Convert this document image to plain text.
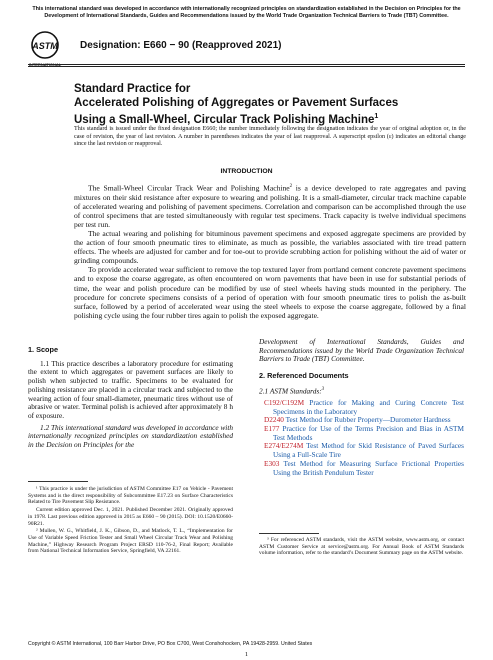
This international standard was developed in accordance with internationally recognized principles on standardization established in the Decision on Principles for the Development of International Standards, Guides and Recommendations issued by the World Trade Organization Technical Barriers to Trade (TBT) Committee.
ASTM Designation: E660 − 90 (Reapproved 2021)
Standard Practice for
Accelerated Polishing of Aggregates or Pavement Surfaces
Using a Small-Wheel, Circular Track Polishing Machine$^1$
This standard is issued under the fixed designation E660; the number immediately following the designation indicates the year of original adoption or, in the case of revision, the year of last revision. A number in parentheses indicates the year of last reapproval. A superscript epsilon (ε) indicates an editorial change since the last revision or reapproval.
INTRODUCTION

The Small-Wheel Circular Track Wear and Polishing Machine$^2$ is a device developed to rate aggregates and paving mixtures on their skid resistance after exposure to wearing and polishing. It is a small-diameter, circular track machine capable of accelerated wearing and polishing of pavement specimens. Correlation and comparison can be accomplished through the use of control specimens that are tested simultaneously with regular test specimens. Track capacity is twelve individual specimens per test run.

The actual wearing and polishing for bituminous pavement specimens and exposed aggregate specimens are provided by the action of four smooth pneumatic tires to eliminate, as much as possible, the variables associated with tire tread pattern effects. The wheels are adjusted for camber and for toe-out to provide scrubbing action for polishing without the aid of water or grinding compounds.

To provide accelerated wear sufficient to remove the top textured layer from portland cement concrete pavement specimens and to expose the coarse aggregate, as often encountered on worn pavements that have been in use for substantial periods of time, the wear and polish procedure can be modified by use of steel wheels having studs mounted in the periphery. The procedure for concrete specimens consists of a period of operation with four smooth pneumatic tires to polish the as-built surface, followed by a period of accelerated wear using the steel wheels to expose the coarse aggregate, followed by a final polishing cycle using the four rubber tires again to polish the exposed aggregate.

1. Scope

1.1 This practice describes a laboratory procedure for estimating the extent to which aggregates or pavement surfaces are likely to polish when subjected to traffic. Specimens to be evaluated for polishing resistance are placed in a circular track and subjected to the wearing action of four small-diameter, pneumatic tires without use of abrasive or water. Terminal polish is achieved after approximately 8 h of exposure.

1.2 This international standard was developed in accordance with internationally recognized principles on standardization established in the Decision on Principles for the

Development of International Standards, Guides and Recommendations issued by the World Trade Organization Technical Barriers to Trade (TBT) Committee.

2. Referenced Documents

2.1 ASTM Standards:$^3$

C192/C192M Practice for Making and Curing Concrete Test Specimens in the Laboratory

D2240 Test Method for Rubber Property—Durometer Hardness

E177 Practice for Use of the Terms Precision and Bias in ASTM Test Methods

E274/E274M Test Method for Skid Resistance of Paved Surfaces Using a Full-Scale Tire

E303 Test Method for Measuring Surface Frictional Properties Using the British Pendulum Tester

¹ This practice is under the jurisdiction of ASTM Committee E17 on Vehicle - Pavement Systems and is the direct responsibility of Subcommittee E17.23 on Surface Characteristics Related to Tire Pavement Slip Resistance.

Current edition approved Dec. 1, 2021. Published December 2021. Originally approved in 1978. Last previous edition approved in 2015 as E660 – 90 (2015). DOI: 10.1520/E0660-90R21.

² Mullen, W. G., Whitfield, J. K., Gibson, D., and Matlock, T. L., “Implementation for Use of Variable Speed Friction Tester and Small Wheel Circular Track Wear and Polishing Machine,” Highway Research Program Project ERSD 110-76-2, Final Report; Available from National Technical Information Service, Springfield, VA 22161.

³ For referenced ASTM standards, visit the ASTM website, www.astm.org, or contact ASTM Customer Service at service@astm.org. For Annual Book of ASTM Standards volume information, refer to the standard’s Document Summary page on the ASTM website.

Copyright © ASTM International, 100 Barr Harbor Drive, PO Box C700, West Conshohocken, PA 19428-2959. United States
1
